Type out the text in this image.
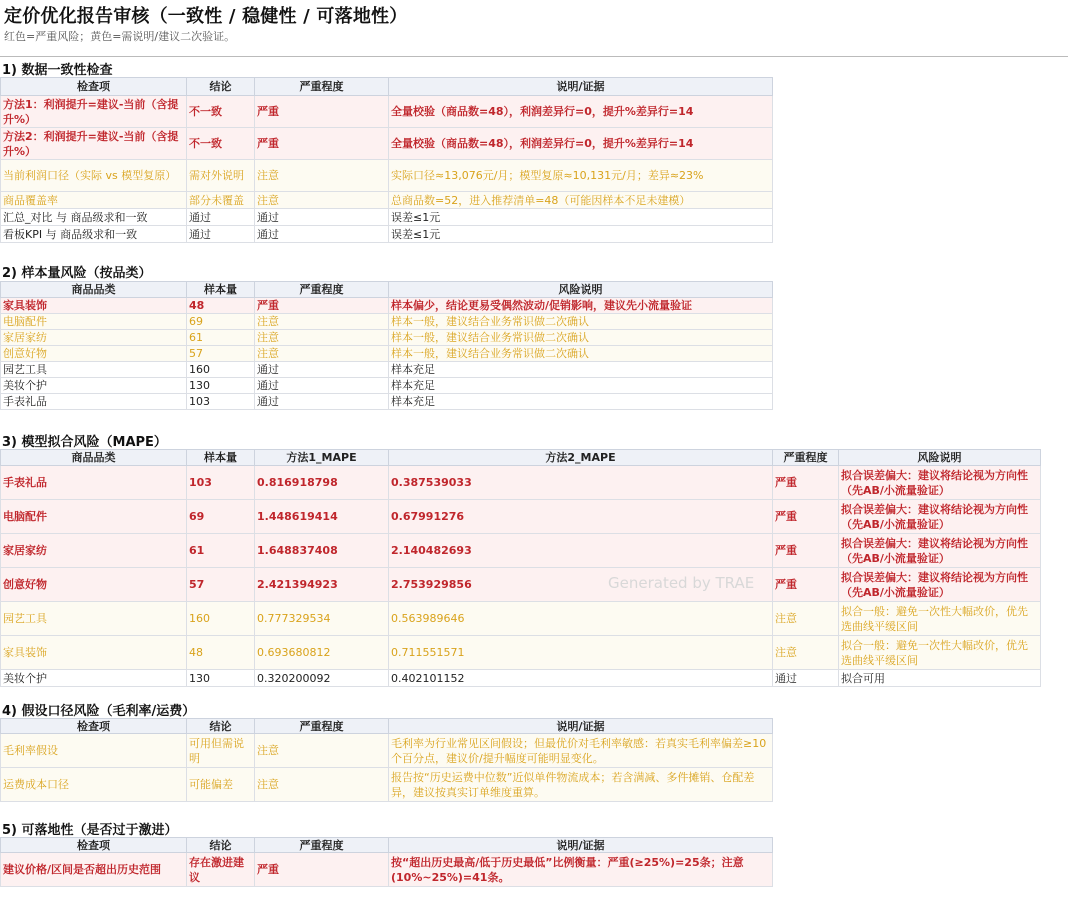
定价优化报告审核（一致性 / 稳健性 / 可落地性）
红色=严重风险；黄色=需说明/建议二次验证。
1) 数据一致性检查
检查项	结论	严重程度	说明/证据
方法1：利润提升=建议-当前（含提升%）	不一致	严重	全量校验（商品数=48），利润差异行=0，提升%差异行=14
方法2：利润提升=建议-当前（含提升%）	不一致	严重	全量校验（商品数=48），利润差异行=0，提升%差异行=14
当前利润口径（实际 vs 模型复原）	需对外说明	注意	实际口径≈13,076元/月；模型复原≈10,131元/月；差异≈23%
商品覆盖率	部分未覆盖	注意	总商品数=52，进入推荐清单=48（可能因样本不足未建模）
汇总_对比 与 商品级求和一致	通过	通过	误差≤1元
看板KPI 与 商品级求和一致	通过	通过	误差≤1元
2) 样本量风险（按品类）
商品品类	样本量	严重程度	风险说明
家具装饰	48	严重	样本偏少，结论更易受偶然波动/促销影响，建议先小流量验证
电脑配件	69	注意	样本一般，建议结合业务常识做二次确认
家居家纺	61	注意	样本一般，建议结合业务常识做二次确认
创意好物	57	注意	样本一般，建议结合业务常识做二次确认
园艺工具	160	通过	样本充足
美妆个护	130	通过	样本充足
手表礼品	103	通过	样本充足
3) 模型拟合风险（MAPE）
商品品类	样本量	方法1_MAPE	方法2_MAPE	严重程度	风险说明
手表礼品	103	0.816918798	0.387539033	严重	拟合误差偏大：建议将结论视为方向性（先AB/小流量验证）
电脑配件	69	1.448619414	0.67991276	严重	拟合误差偏大：建议将结论视为方向性（先AB/小流量验证）
家居家纺	61	1.648837408	2.140482693	严重	拟合误差偏大：建议将结论视为方向性（先AB/小流量验证）
创意好物	57	2.421394923	2.753929856	严重	拟合误差偏大：建议将结论视为方向性（先AB/小流量验证）
园艺工具	160	0.777329534	0.563989646	注意	拟合一般：避免一次性大幅改价，优先选曲线平缓区间
家具装饰	48	0.693680812	0.711551571	注意	拟合一般：避免一次性大幅改价，优先选曲线平缓区间
美妆个护	130	0.320200092	0.402101152	通过	拟合可用
4) 假设口径风险（毛利率/运费）
检查项	结论	严重程度	说明/证据
毛利率假设	可用但需说明	注意	毛利率为行业常见区间假设；但最优价对毛利率敏感：若真实毛利率偏差≥10个百分点，建议价/提升幅度可能明显变化。
运费成本口径	可能偏差	注意	报告按“历史运费中位数”近似单件物流成本；若含满减、多件摊销、仓配差异，建议按真实订单维度重算。
5) 可落地性（是否过于激进）
检查项	结论	严重程度	说明/证据
建议价格/区间是否超出历史范围	存在激进建议	严重	按“超出历史最高/低于历史最低”比例衡量：严重(≥25%)=25条；注意(10%~25%)=41条。
Generated by TRAE
